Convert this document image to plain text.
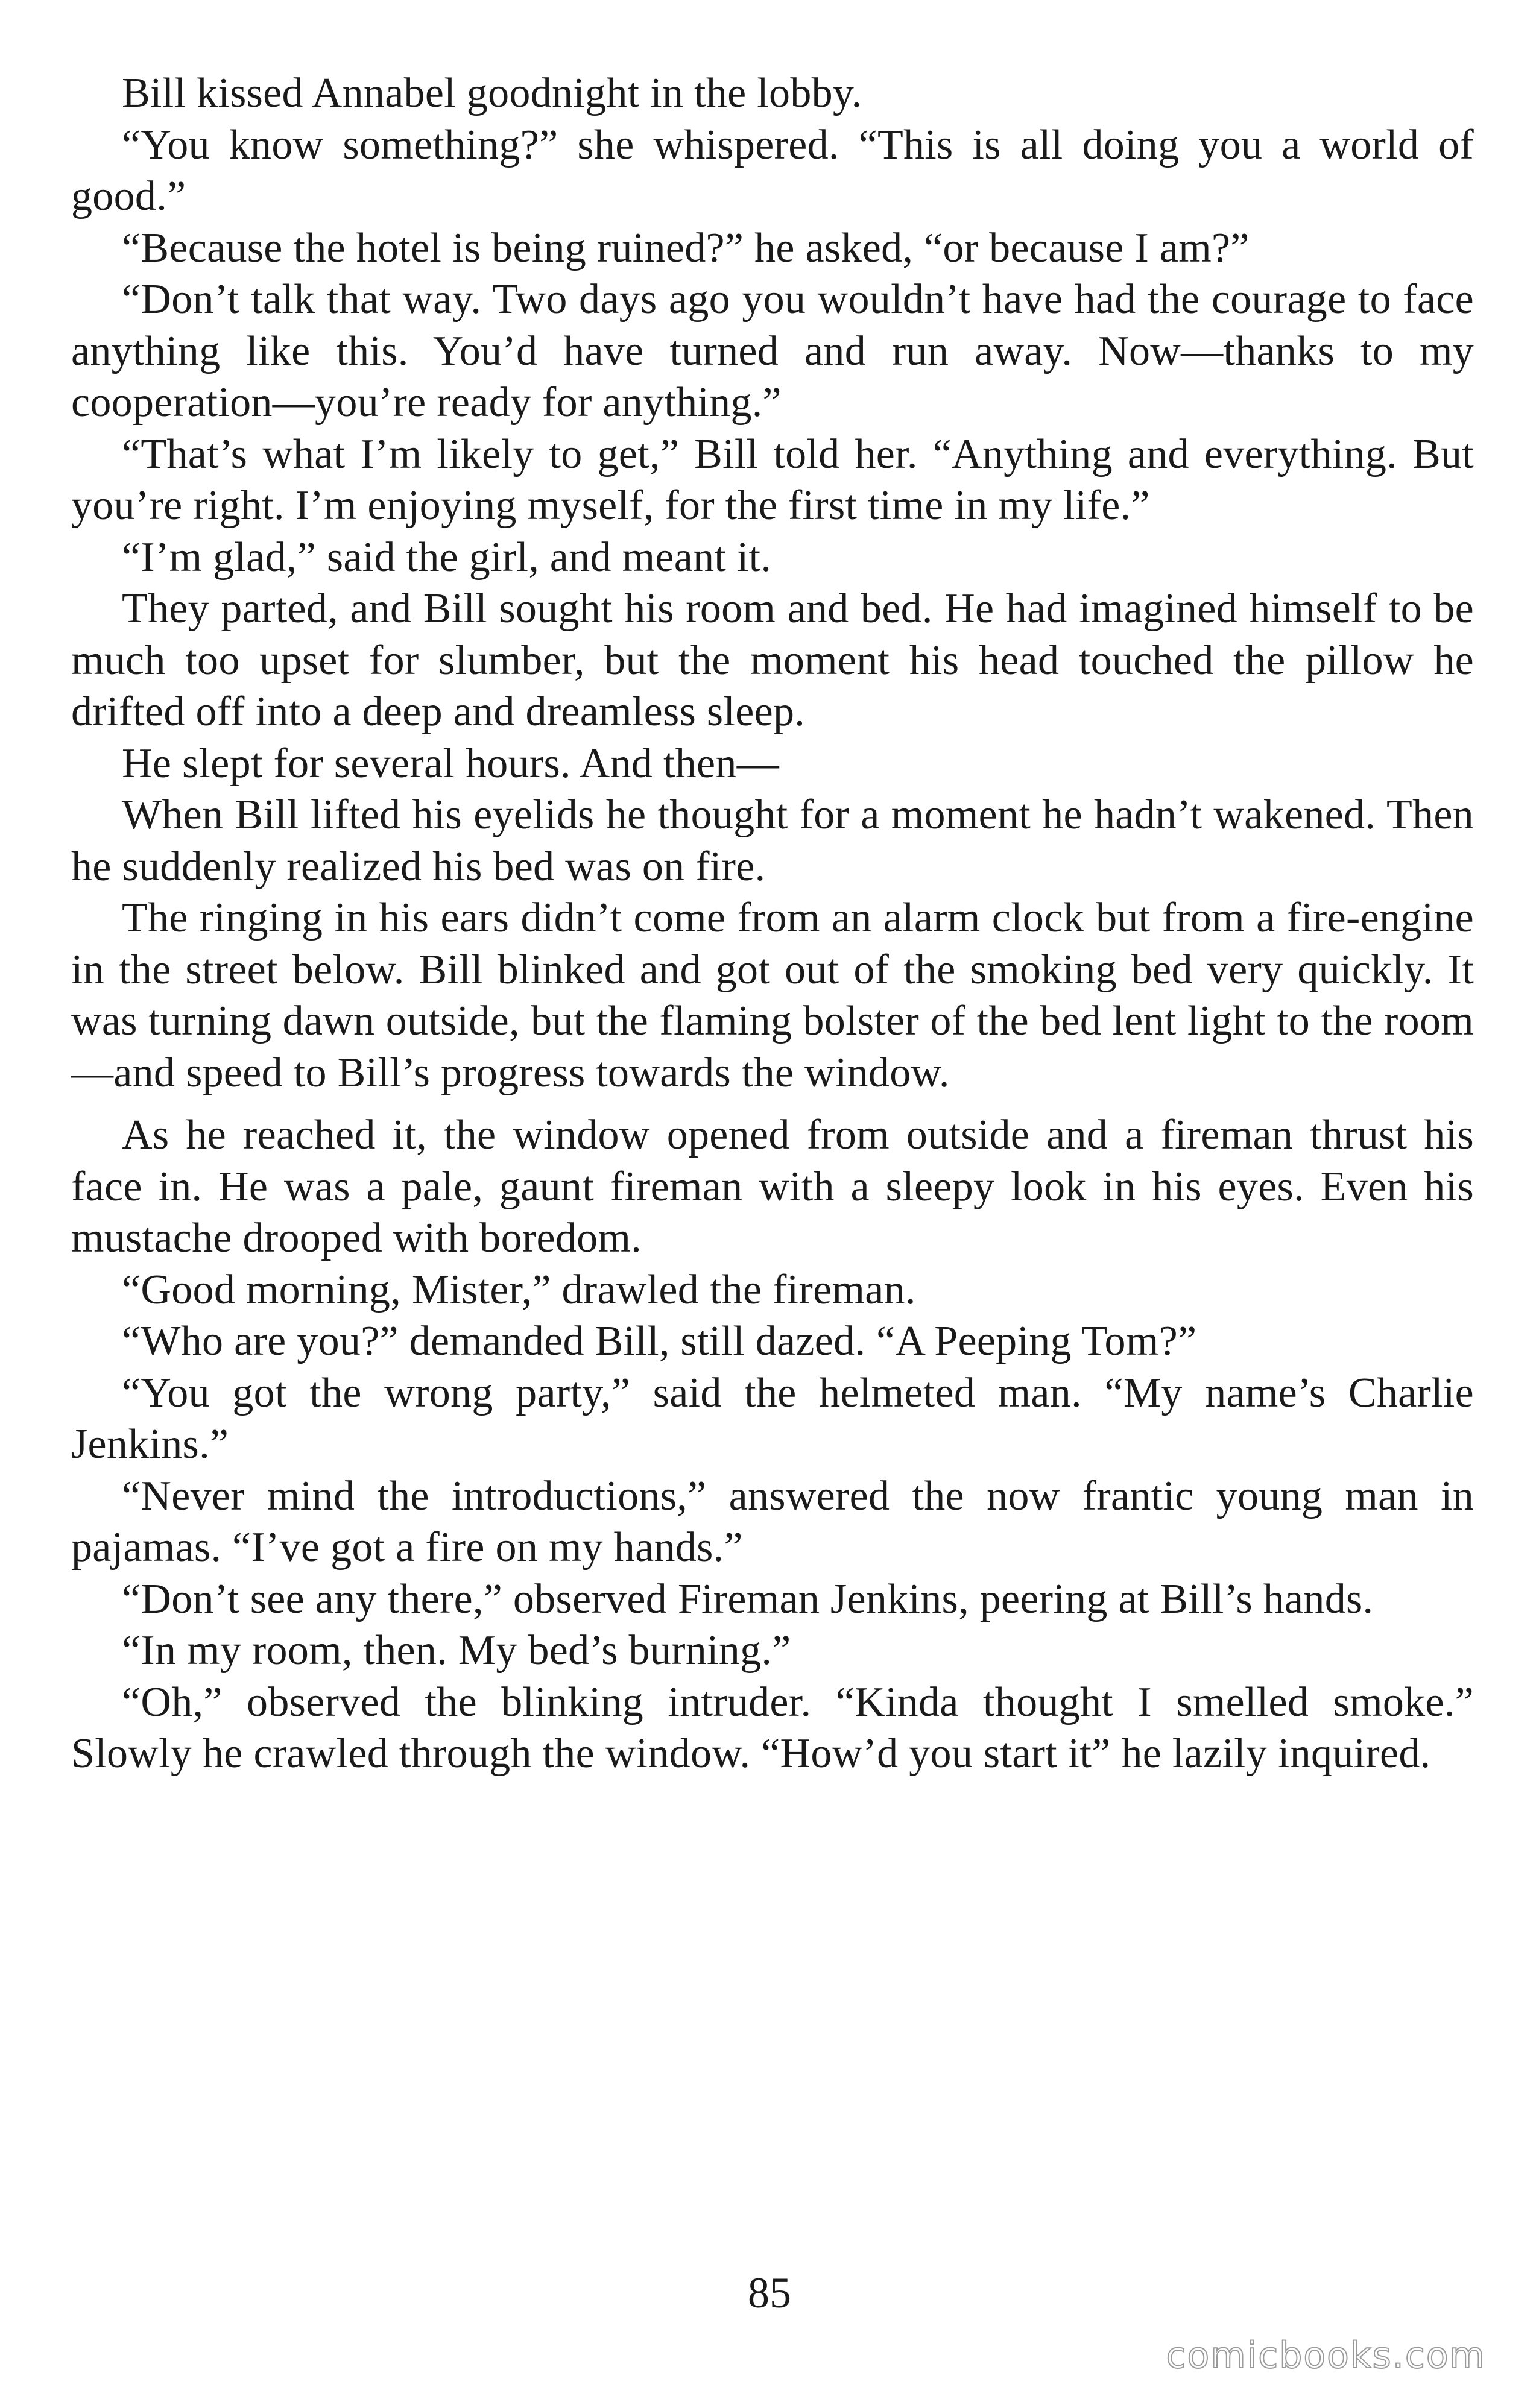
Bill kissed Annabel goodnight in the lobby.

“You know something?” she whispered. “This is all doing you a world of good.”

“Because the hotel is being ruined?” he asked, “or because I am?”

“Don’t talk that way. Two days ago you wouldn’t have had the courage to face anything like this. You’d have turned and run away. Now—thanks to my cooperation—you’re ready for anything.”

“That’s what I’m likely to get,” Bill told her. “Anything and everything. But you’re right. I’m enjoying myself, for the first time in my life.”

“I’m glad,” said the girl, and meant it.

They parted, and Bill sought his room and bed. He had imagined himself to be much too upset for slumber, but the moment his head touched the pillow he drifted off into a deep and dreamless sleep.

He slept for several hours. And then—

When Bill lifted his eyelids he thought for a moment he hadn’t wakened. Then he suddenly realized his bed was on fire.

The ringing in his ears didn’t come from an alarm clock but from a fire-engine in the street below. Bill blinked and got out of the smoking bed very quickly. It was turning dawn outside, but the flaming bolster of the bed lent light to the room—and speed to Bill’s progress towards the window.

As he reached it, the window opened from outside and a fireman thrust his face in. He was a pale, gaunt fireman with a sleepy look in his eyes. Even his mustache drooped with boredom.

“Good morning, Mister,” drawled the fireman.

“Who are you?” demanded Bill, still dazed. “A Peeping Tom?”

“You got the wrong party,” said the helmeted man. “My name’s Charlie Jenkins.”

“Never mind the introductions,” answered the now frantic young man in pajamas. “I’ve got a fire on my hands.”

“Don’t see any there,” observed Fireman Jenkins, peering at Bill’s hands.

“In my room, then. My bed’s burning.”

“Oh,” observed the blinking intruder. “Kinda thought I smelled smoke.” Slowly he crawled through the window. “How’d you start it” he lazily inquired.

85
comicbooks.com
